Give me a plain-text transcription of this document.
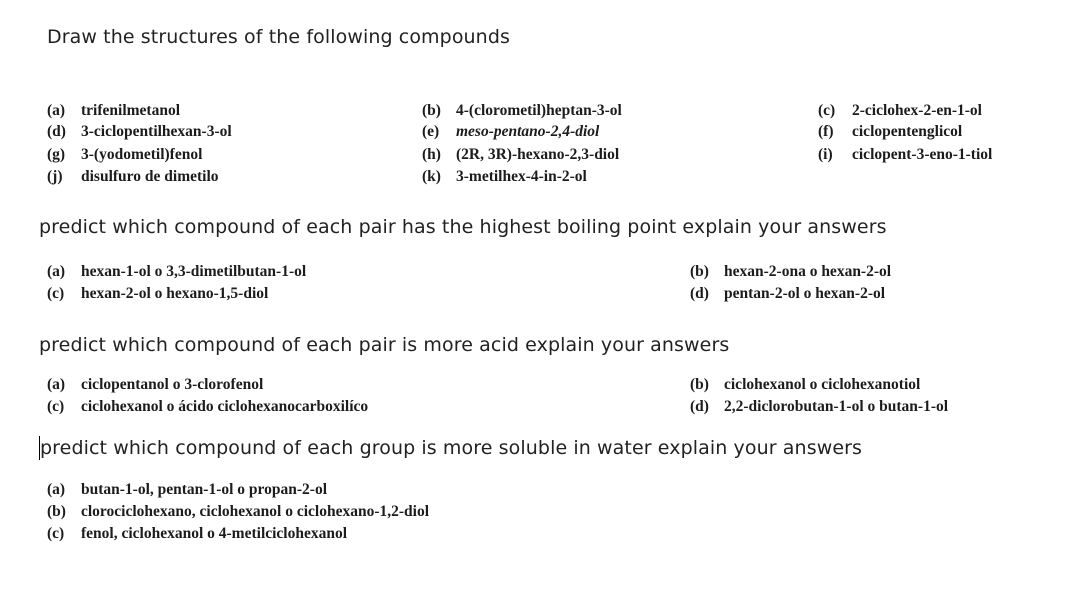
Draw the structures of the following compounds
(a) trifenilmetanol	(b) 4-(clorometil)heptan-3-ol	(c) 2-ciclohex-2-en-1-ol
(d) 3-ciclopentilhexan-3-ol	(e) meso-pentano-2,4-diol	(f) ciclopentenglicol
(g) 3-(yodometil)fenol	(h) (2R, 3R)-hexano-2,3-diol	(i) ciclopent-3-eno-1-tiol
(j) disulfuro de dimetilo	(k) 3-metilhex-4-in-2-ol
predict which compound of each pair has the highest boiling point explain your answers
(a) hexan-1-ol o 3,3-dimetilbutan-1-ol	(b) hexan-2-ona o hexan-2-ol
(c) hexan-2-ol o hexano-1,5-diol	(d) pentan-2-ol o hexan-2-ol
predict which compound of each pair is more acid explain your answers
(a) ciclopentanol o 3-clorofenol	(b) ciclohexanol o ciclohexanotiol
(c) ciclohexanol o ácido ciclohexanocarboxilíco	(d) 2,2-diclorobutan-1-ol o butan-1-ol
predict which compound of each group is more soluble in water explain your answers
(a) butan-1-ol, pentan-1-ol o propan-2-ol
(b) clorociclohexano, ciclohexanol o ciclohexano-1,2-diol
(c) fenol, ciclohexanol o 4-metilciclohexanol
